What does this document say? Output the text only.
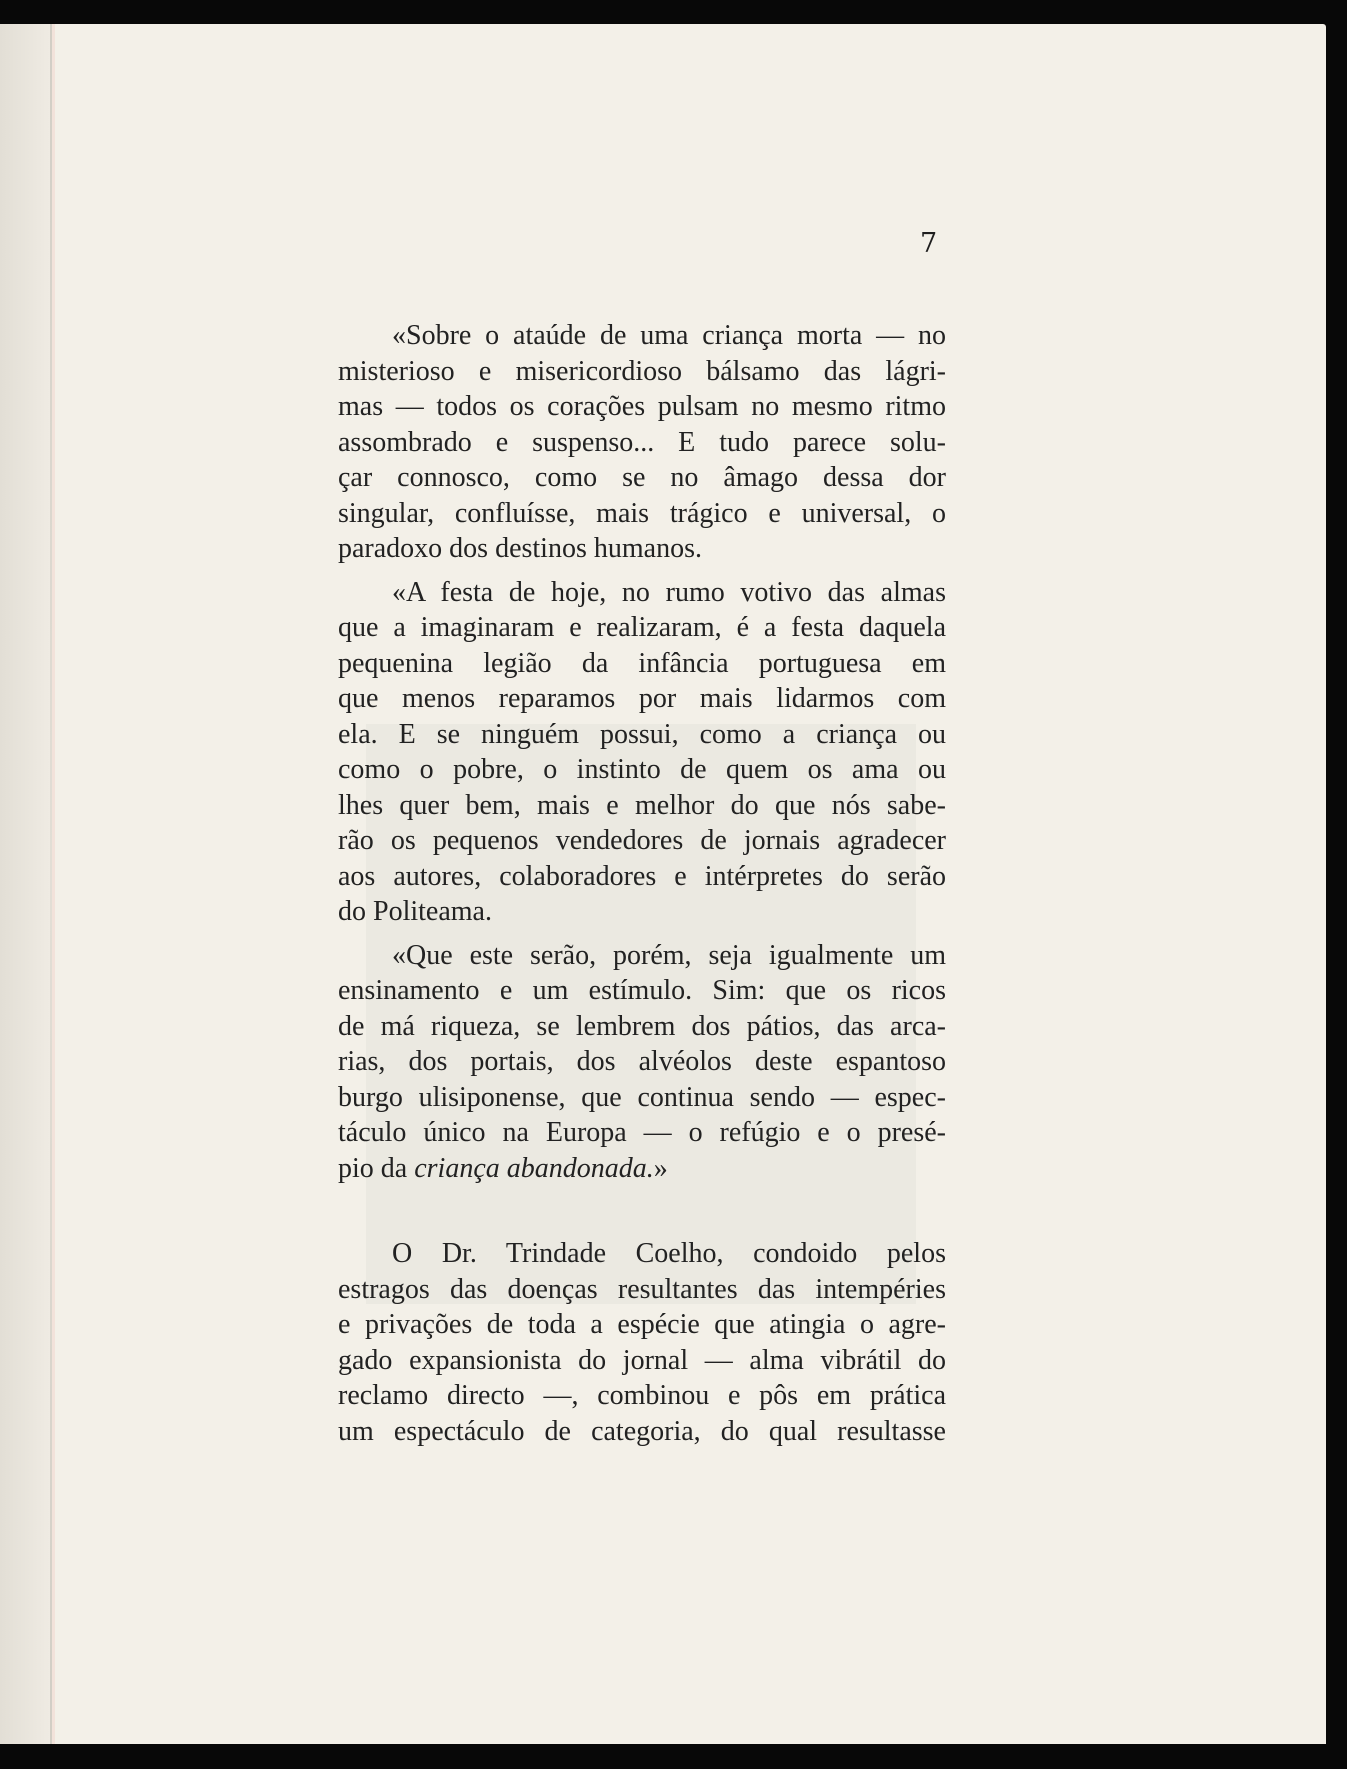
7
«Sobre o ataúde de uma criança morta — no
misterioso e misericordioso bálsamo das lágri-
mas — todos os corações pulsam no mesmo ritmo
assombrado e suspenso... E tudo parece solu-
çar connosco, como se no âmago dessa dor
singular, confluísse, mais trágico e universal, o
paradoxo dos destinos humanos.
«A festa de hoje, no rumo votivo das almas
que a imaginaram e realizaram, é a festa daquela
pequenina legião da infância portuguesa em
que menos reparamos por mais lidarmos com
ela. E se ninguém possui, como a criança ou
como o pobre, o instinto de quem os ama ou
lhes quer bem, mais e melhor do que nós sabe-
rão os pequenos vendedores de jornais agradecer
aos autores, colaboradores e intérpretes do serão
do Politeama.
«Que este serão, porém, seja igualmente um
ensinamento e um estímulo. Sim: que os ricos
de má riqueza, se lembrem dos pátios, das arca-
rias, dos portais, dos alvéolos deste espantoso
burgo ulisiponense, que continua sendo — espec-
táculo único na Europa — o refúgio e o presé-
pio da criança abandonada.»
O Dr. Trindade Coelho, condoido pelos
estragos das doenças resultantes das intempéries
e privações de toda a espécie que atingia o agre-
gado expansionista do jornal — alma vibrátil do
reclamo directo —, combinou e pôs em prática
um espectáculo de categoria, do qual resultasse
